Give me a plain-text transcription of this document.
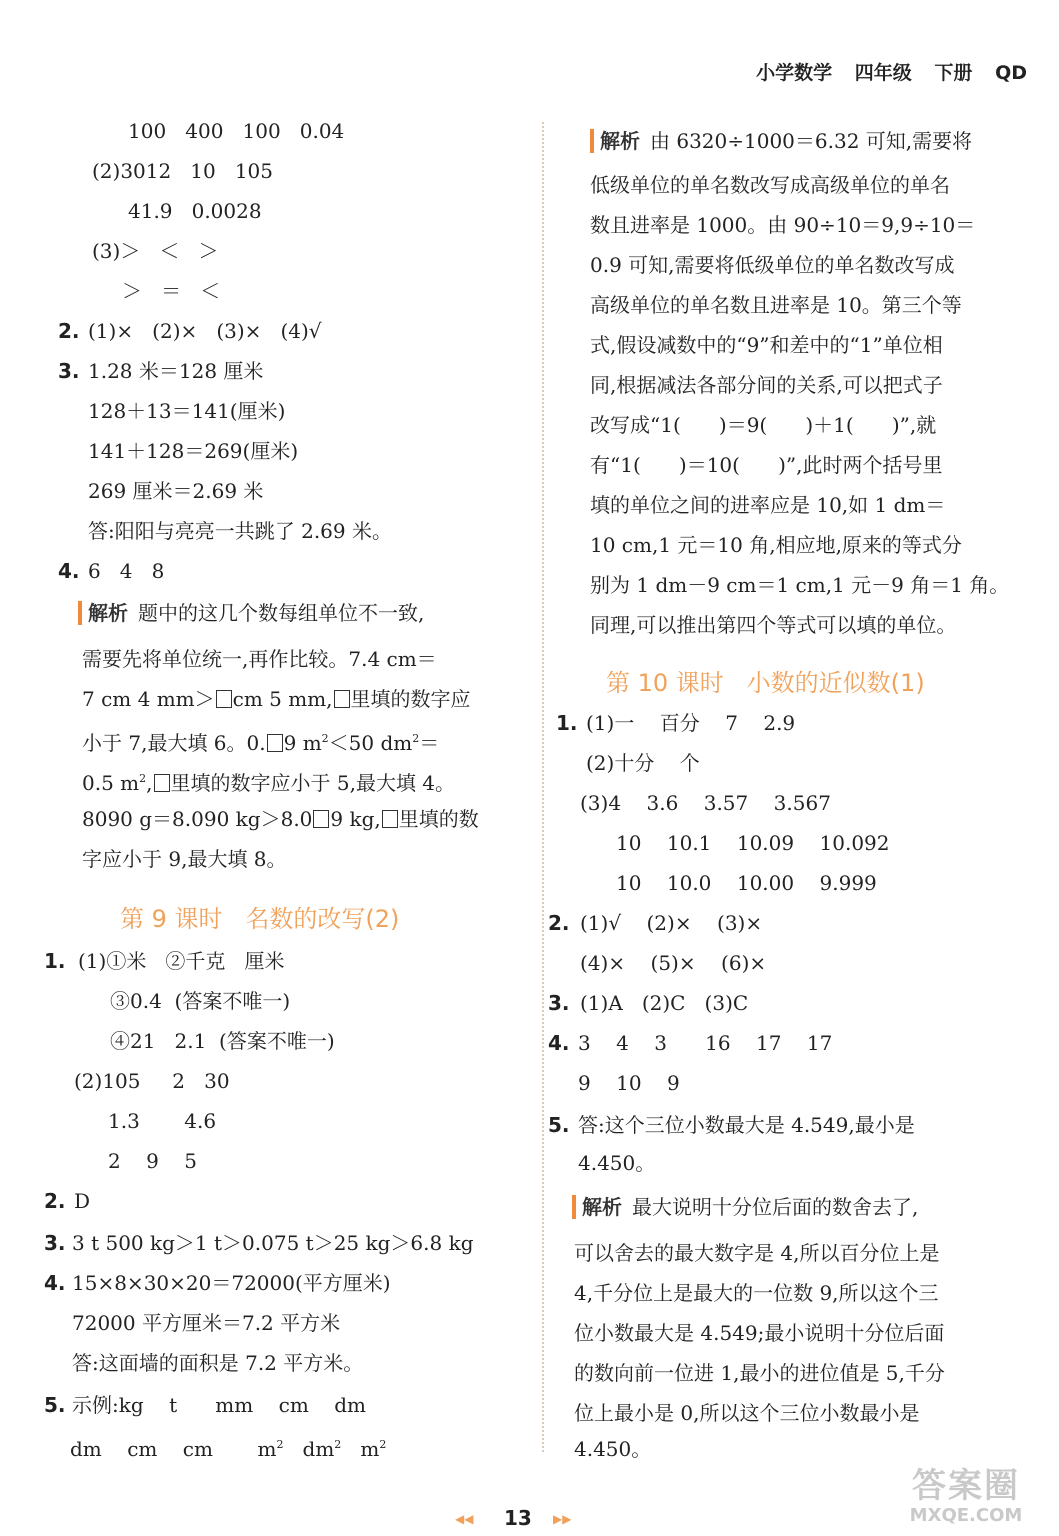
小学数学 四年级 下册 QD
100   400   100   0.04
(2)3012   10   105
41.9   0.0028
(3)＞   ＜   ＞
＞   ＝   ＜
2. (1)×   (2)×   (3)×   (4)√
3. 1.28 米＝128 厘米
128＋13＝141(厘米)
141＋128＝269(厘米)
269 厘米＝2.69 米
答:阳阳与亮亮一共跳了 2.69 米。
4. 6   4   8
解析 题中的这几个数每组单位不一致,
需要先将单位统一,再作比较。7.4 cm＝
7 cm 4 mm＞ cm 5 mm, 里填的数字应
小于 7,最大填 6。0. 9 $m^2<50$ $dm^2=$
0.5 $m^2$, 里填的数字应小于 5,最大填 4。
8090 g＝8.090 kg＞8.0 9 kg, 里填的数
字应小于 9,最大填 8。
第 9 课时   名数的改写(2)
1. (1)①米   ②千克   厘米
③0.4  (答案不唯一)
④21   2.1  (答案不唯一)
(2)105     2   30
1.3       4.6
2    9    5
2. D
3. 3 t 500 kg＞1 t＞0.075 t＞25 kg＞6.8 kg
4. 15×8×30×20＝72000(平方厘米)
72000 平方厘米＝7.2 平方米
答:这面墙的面积是 7.2 平方米。
5. 示例:kg    t      mm    cm    dm
dm    cm    cm       $m^2$   $dm^2$   $m^2$
解析 由 6320÷1000＝6.32 可知,需要将
低级单位的单名数改写成高级单位的单名
数且进率是 1000。由 90÷10＝9,9÷10＝
0.9 可知,需要将低级单位的单名数改写成
高级单位的单名数且进率是 10。第三个等
式,假设减数中的“9”和差中的“1”单位相
同,根据减法各部分间的关系,可以把式子
改写成“1(      )＝9(      )＋1(      )”,就
有“1(      )＝10(      )”,此时两个括号里
填的单位之间的进率应是 10,如 1 dm＝
10 cm,1 元＝10 角,相应地,原来的等式分
别为 1 dm－9 cm＝1 cm,1 元－9 角＝1 角。
同理,可以推出第四个等式可以填的单位。
第 10 课时   小数的近似数(1)
1. (1)一    百分    7    2.9
(2)十分    个
(3)4    3.6    3.57    3.567
10    10.1    10.09    10.092
10    10.0    10.00    9.999
2. (1)√    (2)×    (3)×
(4)×    (5)×    (6)×
3. (1)A   (2)C   (3)C
4. 3    4    3      16    17    17
9    10    9
5. 答:这个三位小数最大是 4.549,最小是
4.450。
解析 最大说明十分位后面的数舍去了,
可以舍去的最大数字是 4,所以百分位上是
4,千分位上是最大的一位数 9,所以这个三
位小数最大是 4.549;最小说明十分位后面
的数向前一位进 1,最小的进位值是 5,千分
位上最小是 0,所以这个三位小数最小是
4.450。
◀◀ 13 ▶▶
答案圈
MXQE.COM
